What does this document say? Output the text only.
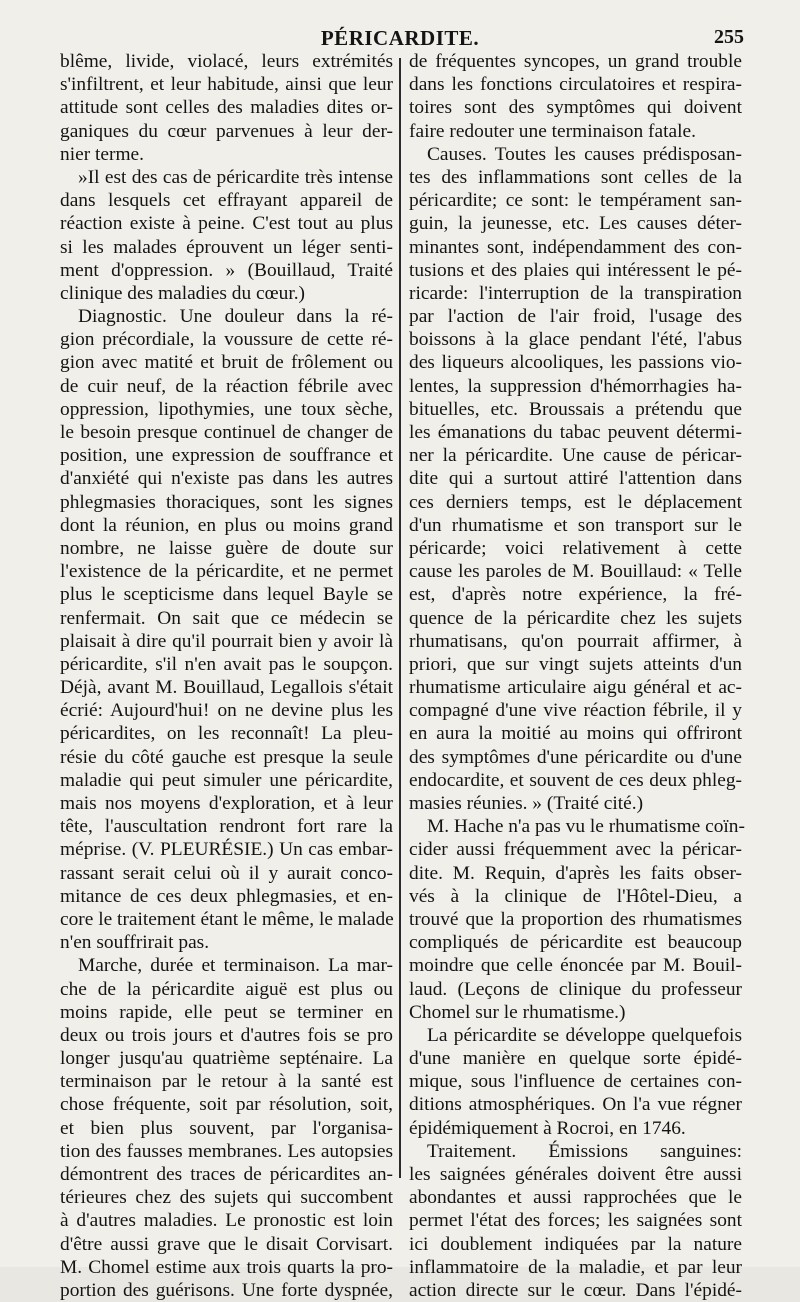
PÉRICARDITE.	255
blême, livide, violacé, leurs extrémités
s'infiltrent, et leur habitude, ainsi que leur
attitude sont celles des maladies dites or-
ganiques du cœur parvenues à leur der-
nier terme.
»Il est des cas de péricardite très intense
dans lesquels cet effrayant appareil de
réaction existe à peine. C'est tout au plus
si les malades éprouvent un léger senti-
ment d'oppression. » (Bouillaud, Traité
clinique des maladies du cœur.)
Diagnostic. Une douleur dans la ré-
gion précordiale, la voussure de cette ré-
gion avec matité et bruit de frôlement ou
de cuir neuf, de la réaction fébrile avec
oppression, lipothymies, une toux sèche,
le besoin presque continuel de changer de
position, une expression de souffrance et
d'anxiété qui n'existe pas dans les autres
phlegmasies thoraciques, sont les signes
dont la réunion, en plus ou moins grand
nombre, ne laisse guère de doute sur
l'existence de la péricardite, et ne permet
plus le scepticisme dans lequel Bayle se
renfermait. On sait que ce médecin se
plaisait à dire qu'il pourrait bien y avoir là
péricardite, s'il n'en avait pas le soupçon.
Déjà, avant M. Bouillaud, Legallois s'était
écrié: Aujourd'hui! on ne devine plus les
péricardites, on les reconnaît! La pleu-
résie du côté gauche est presque la seule
maladie qui peut simuler une péricardite,
mais nos moyens d'exploration, et à leur
tête, l'auscultation rendront fort rare la
méprise. (V. PLEURÉSIE.) Un cas embar-
rassant serait celui où il y aurait conco-
mitance de ces deux phlegmasies, et en-
core le traitement étant le même, le malade
n'en souffrirait pas.
Marche, durée et terminaison. La mar-
che de la péricardite aiguë est plus ou
moins rapide, elle peut se terminer en
deux ou trois jours et d'autres fois se pro
longer jusqu'au quatrième septénaire. La
terminaison par le retour à la santé est
chose fréquente, soit par résolution, soit,
et bien plus souvent, par l'organisa-
tion des fausses membranes. Les autopsies
démontrent des traces de péricardites an-
térieures chez des sujets qui succombent
à d'autres maladies. Le pronostic est loin
d'être aussi grave que le disait Corvisart.
M. Chomel estime aux trois quarts la pro-
portion des guérisons. Une forte dyspnée,
de fréquentes syncopes, un grand trouble
dans les fonctions circulatoires et respira-
toires sont des symptômes qui doivent
faire redouter une terminaison fatale.
Causes. Toutes les causes prédisposan-
tes des inflammations sont celles de la
péricardite; ce sont: le tempérament san-
guin, la jeunesse, etc. Les causes déter-
minantes sont, indépendamment des con-
tusions et des plaies qui intéressent le pé-
ricarde: l'interruption de la transpiration
par l'action de l'air froid, l'usage des
boissons à la glace pendant l'été, l'abus
des liqueurs alcooliques, les passions vio-
lentes, la suppression d'hémorrhagies ha-
bituelles, etc. Broussais a prétendu que
les émanations du tabac peuvent détermi-
ner la péricardite. Une cause de péricar-
dite qui a surtout attiré l'attention dans
ces derniers temps, est le déplacement
d'un rhumatisme et son transport sur le
péricarde; voici relativement à cette
cause les paroles de M. Bouillaud: « Telle
est, d'après notre expérience, la fré-
quence de la péricardite chez les sujets
rhumatisans, qu'on pourrait affirmer, à
priori, que sur vingt sujets atteints d'un
rhumatisme articulaire aigu général et ac-
compagné d'une vive réaction fébrile, il y
en aura la moitié au moins qui offriront
des symptômes d'une péricardite ou d'une
endocardite, et souvent de ces deux phleg-
masies réunies. » (Traité cité.)
M. Hache n'a pas vu le rhumatisme coïn-
cider aussi fréquemment avec la péricar-
dite. M. Requin, d'après les faits obser-
vés à la clinique de l'Hôtel-Dieu, a
trouvé que la proportion des rhumatismes
compliqués de péricardite est beaucoup
moindre que celle énoncée par M. Bouil-
laud. (Leçons de clinique du professeur
Chomel sur le rhumatisme.)
La péricardite se développe quelquefois
d'une manière en quelque sorte épidé-
mique, sous l'influence de certaines con-
ditions atmosphériques. On l'a vue régner
épidémiquement à Rocroi, en 1746.
Traitement. Émissions sanguines:
les saignées générales doivent être aussi
abondantes et aussi rapprochées que le
permet l'état des forces; les saignées sont
ici doublement indiquées par la nature
inflammatoire de la maladie, et par leur
action directe sur le cœur. Dans l'épidé-
